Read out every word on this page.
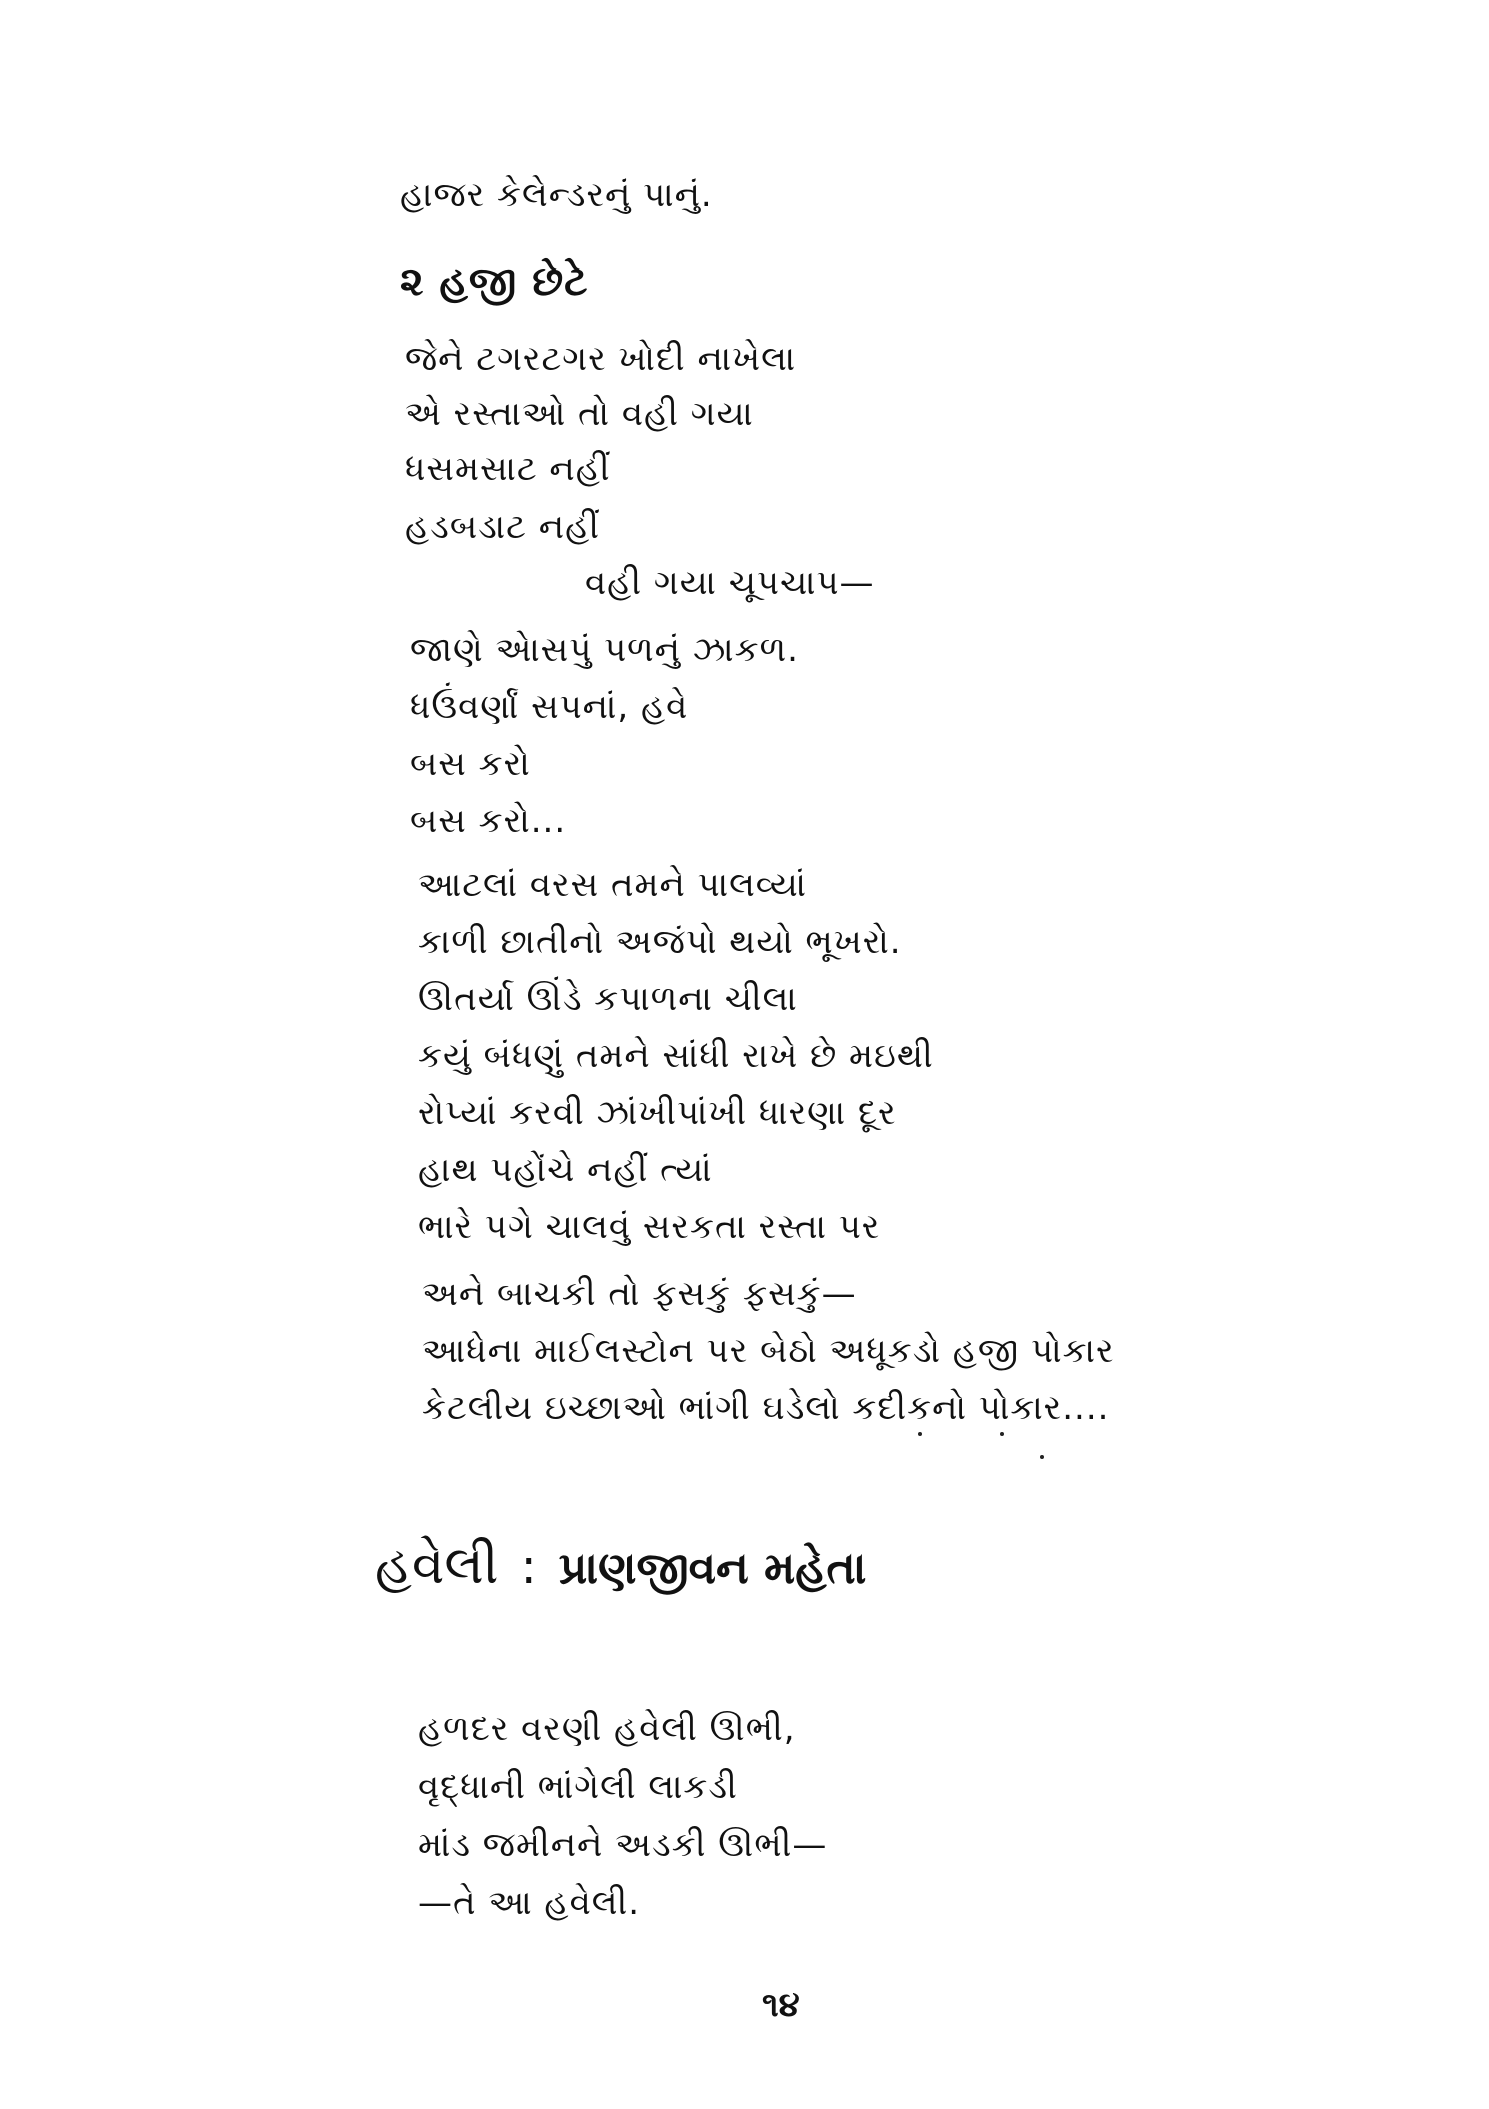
હાજર કેલેન્ડરનું પાનું.
૨ હજી છેટે
જેને ટગરટગર ખોદી નાખેલા
એ રસ્તાઓ તો વહી ગયા
ધસમસાટ નહીં
હડબડાટ નહીં
વહી ગયા ચૂપચાપ—
જાણે એાસપું પળનું ઝાકળ.
ધઉંવર્ણાં સપનાં, હવે
બસ કરો
બસ કરો...
આટલાં વરસ તમને પાલવ્યાં
કાળી છાતીનો અજંપો થયો ભૂખરો.
ઊતર્યા ઊંડે કપાળના ચીલા
કયું બંધણું તમને સાંધી રાખે છે મઇથી
રોપ્યાં કરવી ઝાંખીપાંખી ધારણા દૂર
હાથ પહોંચે નહીં ત્યાં
ભારે પગે ચાલવું સરકતા રસ્તા પર
અને બાચકી તો ફસકું ફસકું—
આધેના માઈલસ્ટોન પર બેઠો અધૂકડો હજી પોકાર
કેટલીય ઇચ્છાઓ ભાંગી ઘડેલો કદીકનો પોકાર....
હવેલી : પ્રાણજીવન મહેતા
હળદર વરણી હવેલી ઊભી,
વૃદ્ધાની ભાંગેલી લાકડી
માંડ જમીનને અડકી ઊભી—
—તે આ હવેલી.
૧૪
